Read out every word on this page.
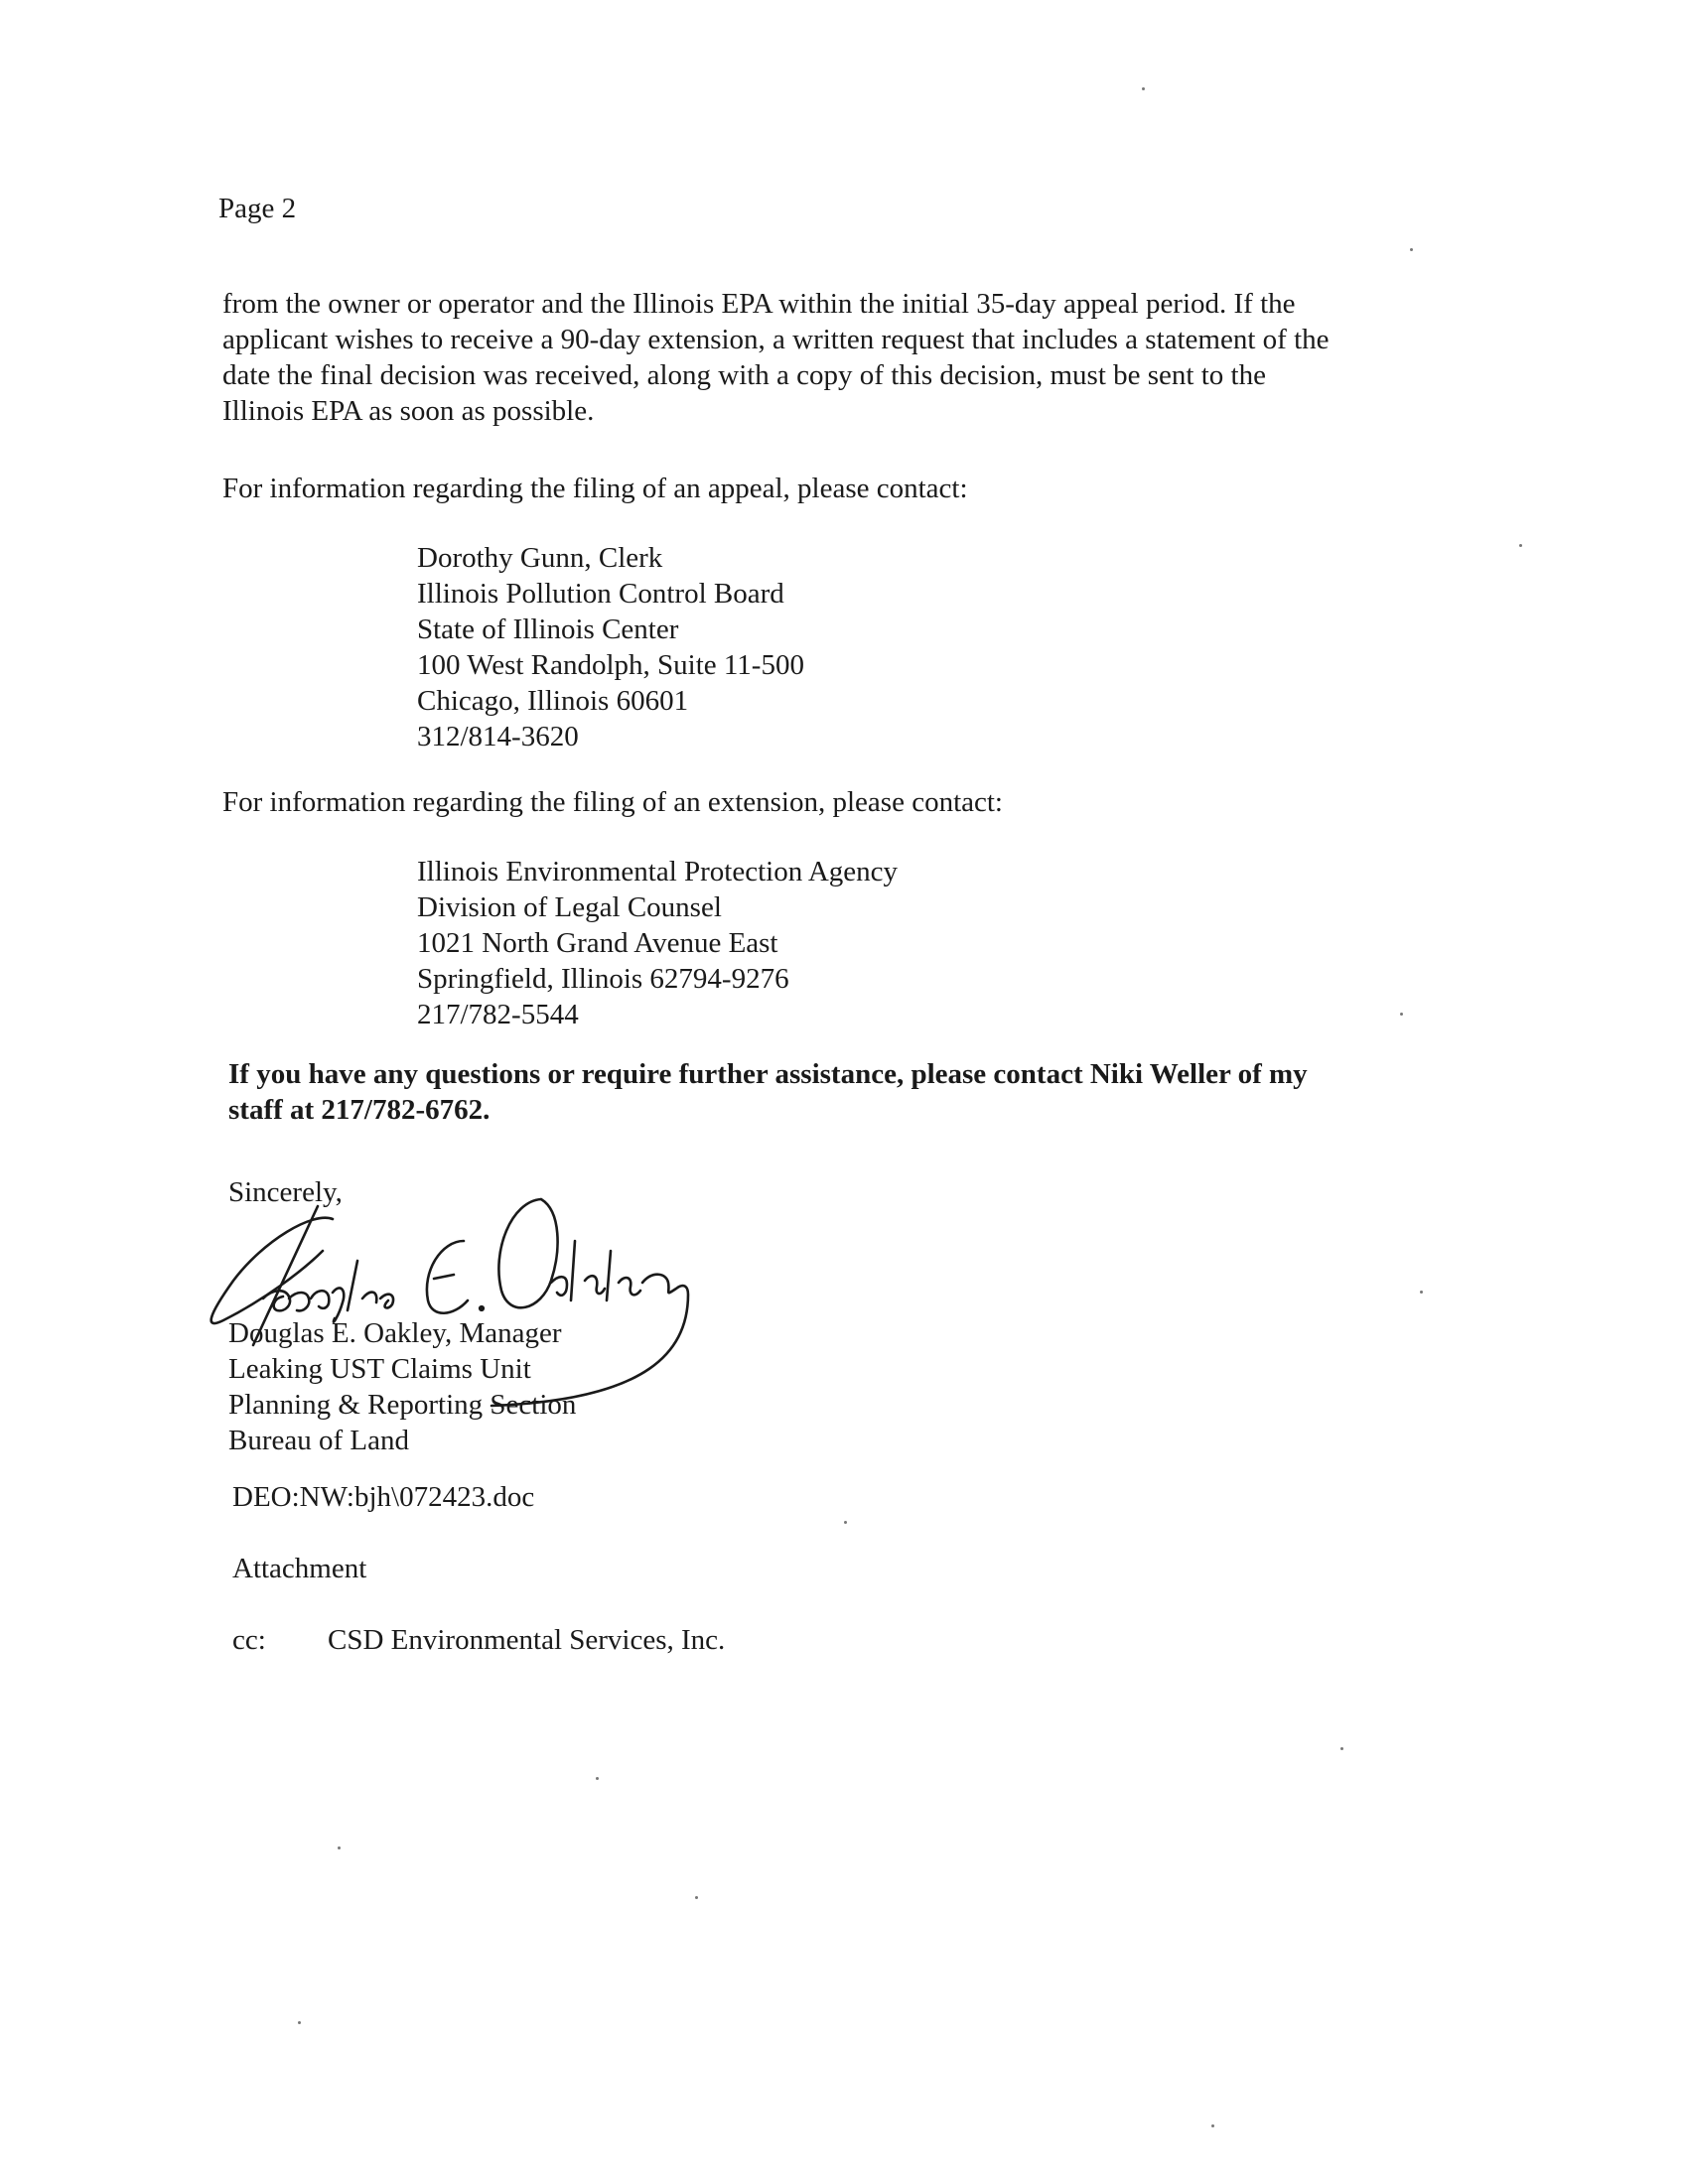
Page 2

from the owner or operator and the Illinois EPA within the initial 35-day appeal period. If the
applicant wishes to receive a 90-day extension, a written request that includes a statement of the
date the final decision was received, along with a copy of this decision, must be sent to the
Illinois EPA as soon as possible.

For information regarding the filing of an appeal, please contact:

Dorothy Gunn, Clerk
Illinois Pollution Control Board
State of Illinois Center
100 West Randolph, Suite 11-500
Chicago, Illinois 60601
312/814-3620

For information regarding the filing of an extension, please contact:

Illinois Environmental Protection Agency
Division of Legal Counsel
1021 North Grand Avenue East
Springfield, Illinois 62794-9276
217/782-5544

If you have any questions or require further assistance, please contact Niki Weller of my
staff at 217/782-6762.

Sincerely,
Douglas E. Oakley, Manager
Leaking UST Claims Unit
Planning & Reporting Section
Bureau of Land
DEO:NW:bjh\072423.doc
Attachment
cc:	CSD Environmental Services, Inc.
